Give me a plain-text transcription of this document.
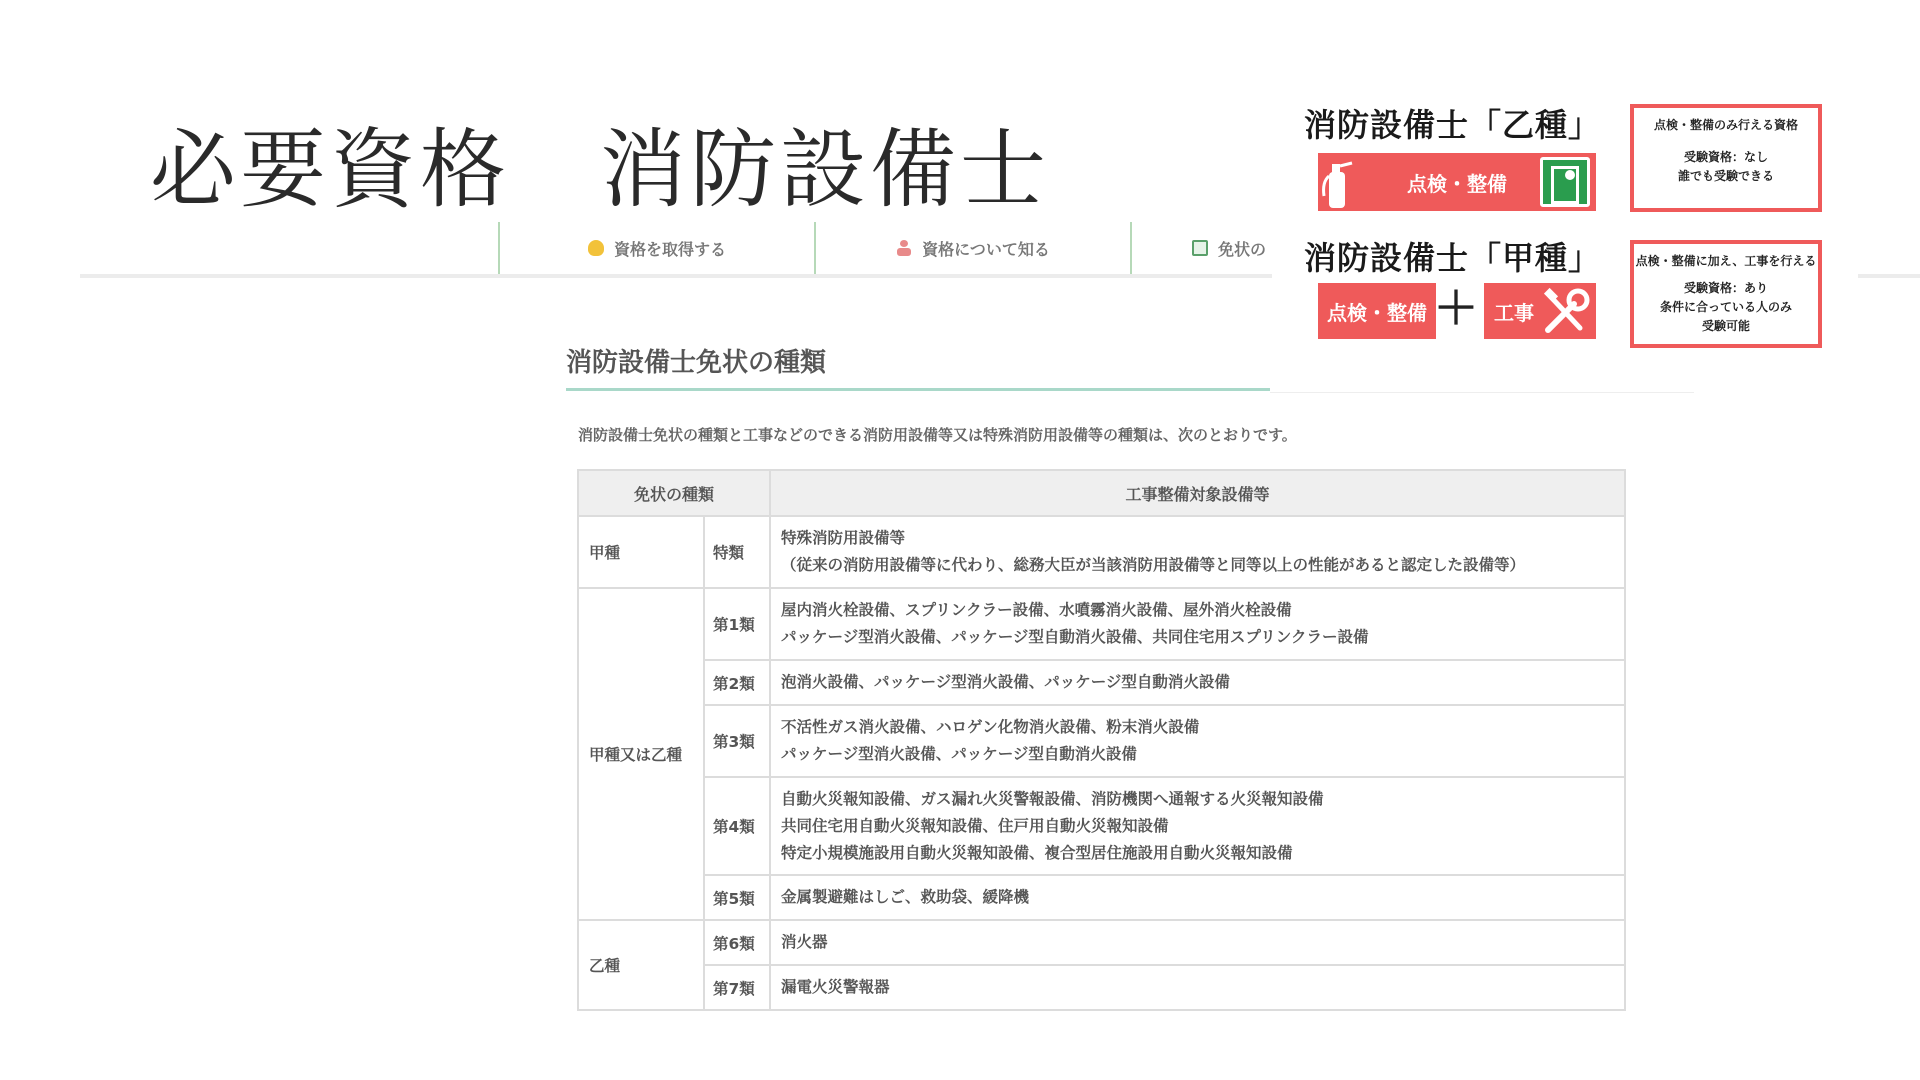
必要資格　消防設備士
資格を取得する	資格について知る	免状の
消防設備士免状の種類
消防設備士免状の種類と工事などのできる消防用設備等又は特殊消防用設備等の種類は、次のとおりです。
免状の種類		工事整備対象設備等
甲種	特類	特殊消防用設備等
（従来の消防用設備等に代わり、総務大臣が当該消防用設備等と同等以上の性能があると認定した設備等）

甲種又は乙種	第1類	屋内消火栓設備、スプリンクラー設備、水噴霧消火設備、屋外消火栓設備
パッケージ型消火設備、パッケージ型自動消火設備、共同住宅用スプリンクラー設備

	第2類	泡消火設備、パッケージ型消火設備、パッケージ型自動消火設備

	第3類	不活性ガス消火設備、ハロゲン化物消火設備、粉末消火設備
パッケージ型消火設備、パッケージ型自動消火設備

	第4類	自動火災報知設備、ガス漏れ火災警報設備、消防機関へ通報する火災報知設備
共同住宅用自動火災報知設備、住戸用自動火災報知設備
特定小規模施設用自動火災報知設備、複合型居住施設用自動火災報知設備

	第5類	金属製避難はしご、救助袋、緩降機

乙種	第6類	消火器

	第7類	漏電火災警報器
消防設備士「乙種」
点検・整備
点検・整備のみ行える資格
受験資格：なし
誰でも受験できる
消防設備士「甲種」
点検・整備 ＋ 工事
点検・整備に加え、工事を行える
受験資格：あり
条件に合っている人のみ
受験可能
